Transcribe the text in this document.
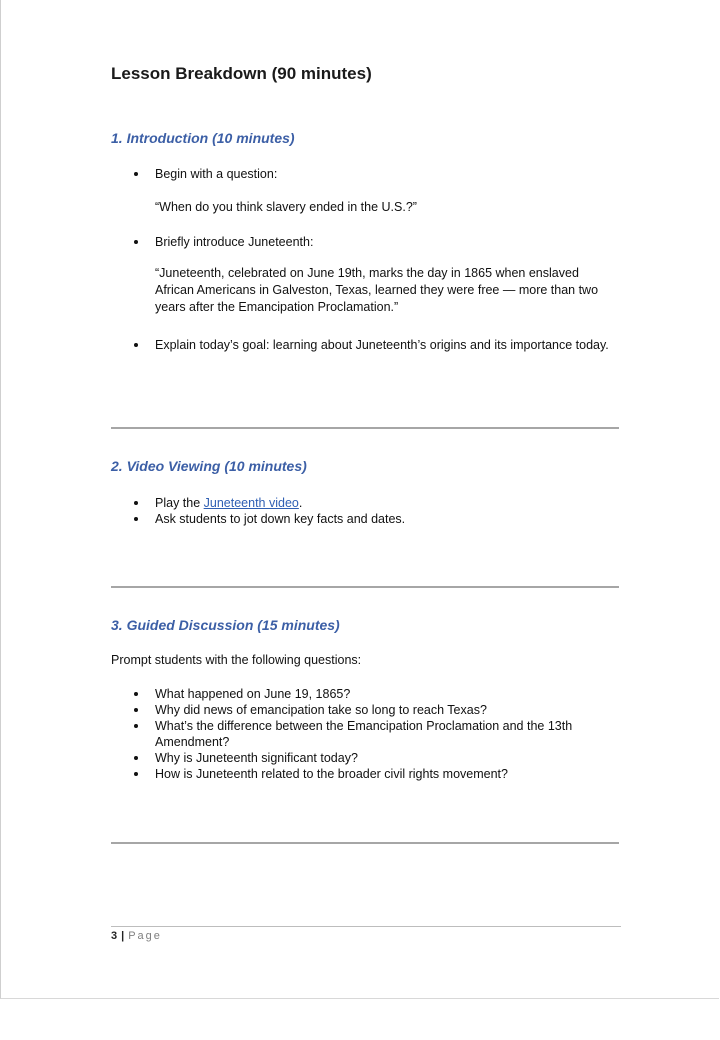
Lesson Breakdown (90 minutes)
1. Introduction (10 minutes)
Begin with a question:
“When do you think slavery ended in the U.S.?”
Briefly introduce Juneteenth:
“Juneteenth, celebrated on June 19th, marks the day in 1865 when enslaved African Americans in Galveston, Texas, learned they were free — more than two years after the Emancipation Proclamation.”
Explain today’s goal: learning about Juneteenth’s origins and its importance today.
2. Video Viewing (10 minutes)
Play the Juneteenth video.
Ask students to jot down key facts and dates.
3. Guided Discussion (15 minutes)
Prompt students with the following questions:
What happened on June 19, 1865?
Why did news of emancipation take so long to reach Texas?
What’s the difference between the Emancipation Proclamation and the 13th Amendment?
Why is Juneteenth significant today?
How is Juneteenth related to the broader civil rights movement?
3 | Page
